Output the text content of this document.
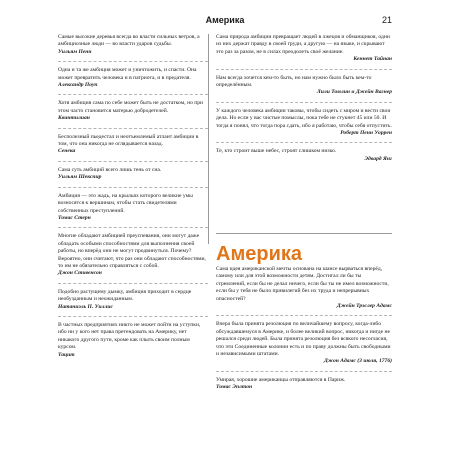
Америка	21

Самые высокие деревья всегда во власти сильных ветров, а амбициозные люди — во власти ударов судьбы.

Уильям Пенн

Одна и та же амбиция может и уничтожить, и спасти. Она может превратить человека и в патриота, и в предателя.

Александр Поуп

Хотя амбиция сама по себе может быть не достатком, но при этом часто становится матерью добродетелей.

Квинтилиан

Бесполезный пьедестал и неотъемлемый атлант амбиции в том, что она никогда не оглядывается назад.

Сенека

Сама суть амбиций всего лишь тень от сна.

Уильям Шекспир

Амбиция — это жадь, на крыльях которого великие умы возносятся к вершинам, чтобы стать свидетелями собственных преступлений.

Томас Стерн

Многие обладают амбицией преуспевания, они могут даже обладать особыми способностями для выполнения своей работы, но вперёд они не могут продвинуться. Почему? Вероятно, они считают, что раз они обладают способностями, то им не обязательно справляться с собой.

Джон Стивенсон

Подобно растущему дымку, амбиция приходит в сердце необузданным и неожиданным.

Натаниэль П. Уиллис

В частных предприятиях никто не может пойти на уступки, ибо ни у кого нет права претендовать на Америку, нет никакого другого пути, кроме как плыть своим полным курсом.

Тацит

Сама природа амбиции превращает людей в лжецов и обманщиков, одни из них держат правду в своей груди, а другую — на языке, и скрывают это раз за разом, не в силах преодолеть своё желание.

Кеннет Тайнан

Нам всегда хочется кем-то быть, но нам нужно было быть кем-то определённым.

Лили Томлин и Джейн Вагнер

У каждого человека амбиции таковы, чтобы сидеть с миром и вести свои дела. Но если у вас чистые помыслы, пока тебе не стукнет 45 или 50. И тогда я понял, что тогда пора сдать, ибо я работаю, чтобы себя отпустить.

Роберт Пенн Уоррен

Те, кто строит выше небес, строят слишком низко.

Эдвард Янг

Америка

Сама идея американской мечты основана на шансе вырваться вперёд, самому или для этой возможности детям. Достигал ли бы ты стремлений, если бы не делал ничего, если бы ты не имел возможности, если бы у тебя не было привилегий без их труда и непрерывных опасностей?

Джейн Трэслер Адамс

Вчера была принята резолюция по величайшему вопросу, когда-либо обсуждавшемуся в Америке, и более великий вопрос, никогда и нигде не решался среди людей. Была принята резолюция без всякого несогласия, что эти Соединенные колонии есть и по праву должны быть свободными и независимыми штатами.

Джон Адамс (3 июля, 1776)

Умирая, хорошие американцы отправляются в Париж.

Томас Эплтон
